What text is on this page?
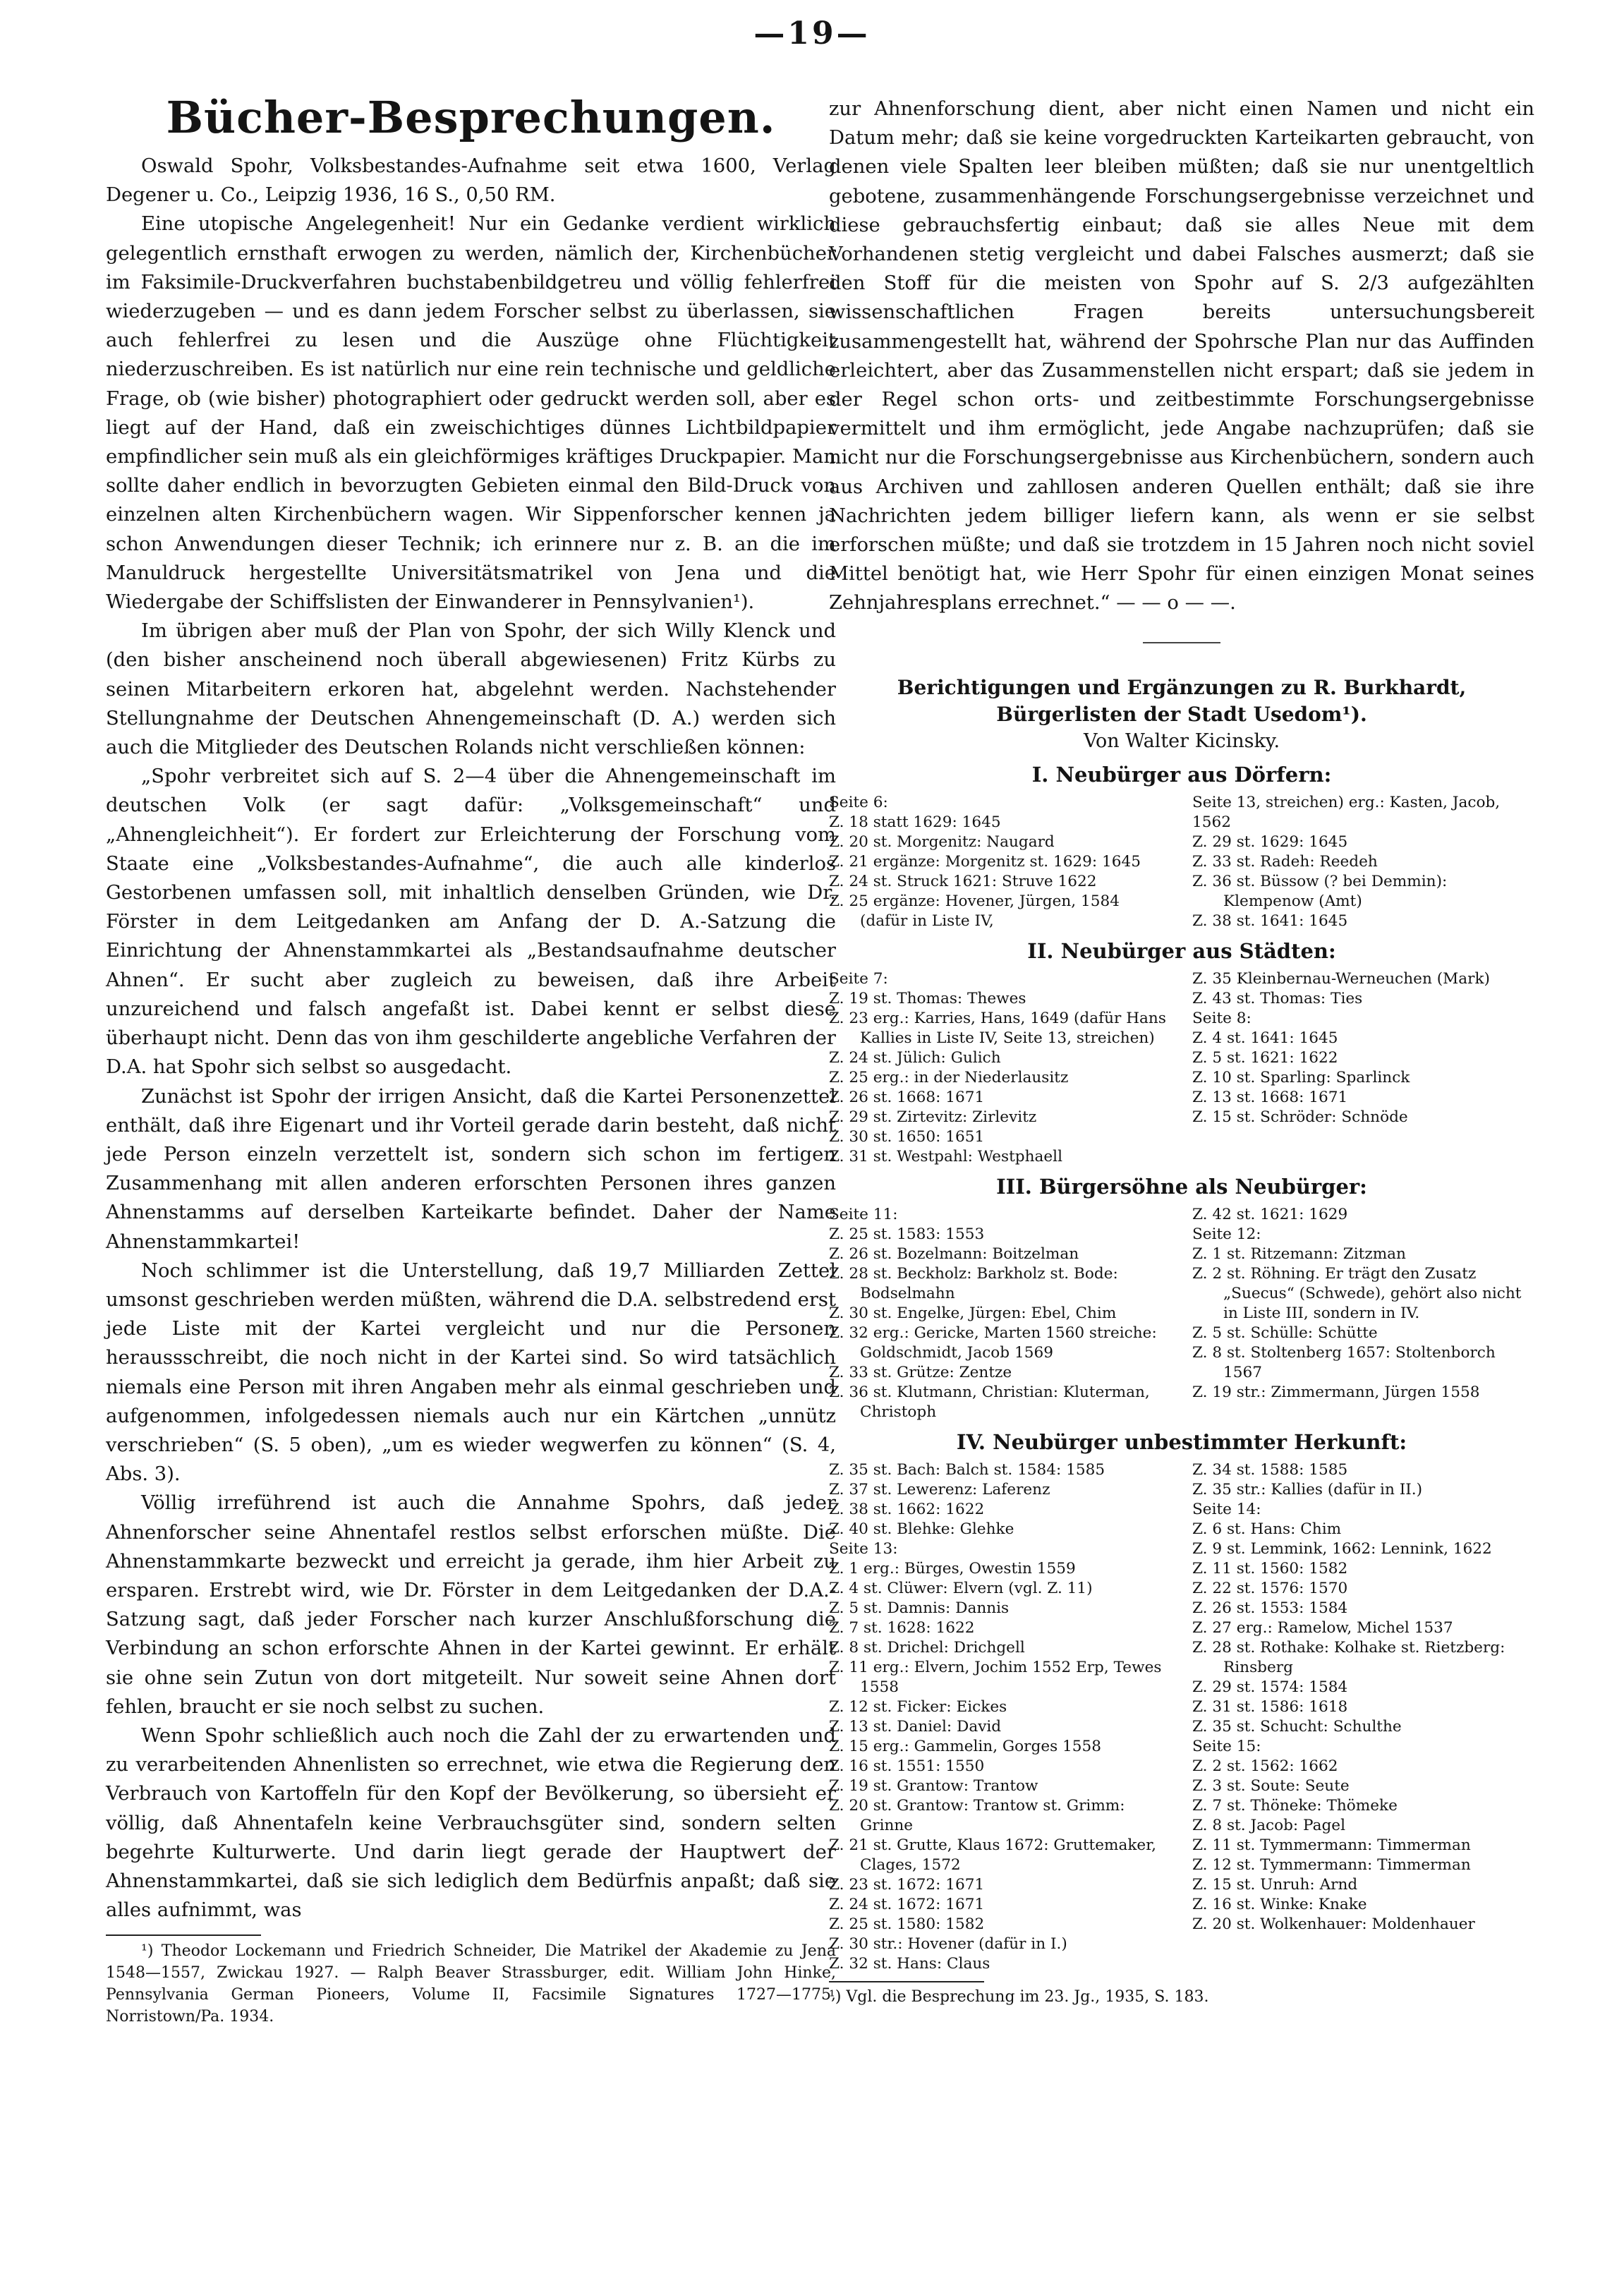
—19—
Bücher-Besprechungen.

Oswald Spohr, Volksbestandes-Aufnahme seit etwa 1600, Verlag Degener u. Co., Leipzig 1936, 16 S., 0,50 RM.

Eine utopische Angelegenheit! Nur ein Gedanke verdient wirklich gelegentlich ernsthaft erwogen zu werden, nämlich der, Kirchenbücher im Faksimile-Druckverfahren buchstabenbildgetreu und völlig fehlerfrei wiederzugeben — und es dann jedem Forscher selbst zu überlassen, sie auch fehlerfrei zu lesen und die Auszüge ohne Flüchtigkeit niederzuschreiben. Es ist natürlich nur eine rein technische und geldliche Frage, ob (wie bisher) photographiert oder gedruckt werden soll, aber es liegt auf der Hand, daß ein zweischichtiges dünnes Lichtbildpapier empfindlicher sein muß als ein gleichförmiges kräftiges Druckpapier. Man sollte daher endlich in bevorzugten Gebieten einmal den Bild-Druck von einzelnen alten Kirchenbüchern wagen. Wir Sippenforscher kennen ja schon Anwendungen dieser Technik; ich erinnere nur z. B. an die im Manuldruck hergestellte Universitätsmatrikel von Jena und die Wiedergabe der Schiffslisten der Einwanderer in Pennsylvanien¹).

Im übrigen aber muß der Plan von Spohr, der sich Willy Klenck und (den bisher anscheinend noch überall abgewiesenen) Fritz Kürbs zu seinen Mitarbeitern erkoren hat, abgelehnt werden. Nachstehender Stellungnahme der Deutschen Ahnengemeinschaft (D. A.) werden sich auch die Mitglieder des Deutschen Rolands nicht verschließen können:

„Spohr verbreitet sich auf S. 2—4 über die Ahnengemeinschaft im deutschen Volk (er sagt dafür: „Volksgemeinschaft“ und „Ahnengleichheit“). Er fordert zur Erleichterung der Forschung vom Staate eine „Volksbestandes-Aufnahme“, die auch alle kinderlos Gestorbenen umfassen soll, mit inhaltlich denselben Gründen, wie Dr. Förster in dem Leitgedanken am Anfang der D. A.-Satzung die Einrichtung der Ahnenstammkartei als „Bestandsaufnahme deutscher Ahnen“. Er sucht aber zugleich zu beweisen, daß ihre Arbeit unzureichend und falsch angefaßt ist. Dabei kennt er selbst diese überhaupt nicht. Denn das von ihm geschilderte angebliche Verfahren der D.A. hat Spohr sich selbst so ausgedacht.

Zunächst ist Spohr der irrigen Ansicht, daß die Kartei Personenzettel enthält, daß ihre Eigenart und ihr Vorteil gerade darin besteht, daß nicht jede Person einzeln verzettelt ist, sondern sich schon im fertigen Zusammenhang mit allen anderen erforschten Personen ihres ganzen Ahnenstamms auf derselben Karteikarte befindet. Daher der Name Ahnenstammkartei!

Noch schlimmer ist die Unterstellung, daß 19,7 Milliarden Zettel umsonst geschrieben werden müßten, während die D.A. selbstredend erst jede Liste mit der Kartei vergleicht und nur die Personen heraussschreibt, die noch nicht in der Kartei sind. So wird tatsächlich niemals eine Person mit ihren Angaben mehr als einmal geschrieben und aufgenommen, infolgedessen niemals auch nur ein Kärtchen „unnütz verschrieben“ (S. 5 oben), „um es wieder wegwerfen zu können“ (S. 4, Abs. 3).

Völlig irreführend ist auch die Annahme Spohrs, daß jeder Ahnenforscher seine Ahnentafel restlos selbst erforschen müßte. Die Ahnenstammkarte bezweckt und erreicht ja gerade, ihm hier Arbeit zu ersparen. Erstrebt wird, wie Dr. Förster in dem Leitgedanken der D.A.-Satzung sagt, daß jeder Forscher nach kurzer Anschlußforschung die Verbindung an schon erforschte Ahnen in der Kartei gewinnt. Er erhält sie ohne sein Zutun von dort mitgeteilt. Nur soweit seine Ahnen dort fehlen, braucht er sie noch selbst zu suchen.

Wenn Spohr schließlich auch noch die Zahl der zu erwartenden und zu verarbeitenden Ahnenlisten so errechnet, wie etwa die Regierung den Verbrauch von Kartoffeln für den Kopf der Bevölkerung, so übersieht er völlig, daß Ahnentafeln keine Verbrauchsgüter sind, sondern selten begehrte Kulturwerte. Und darin liegt gerade der Hauptwert der Ahnenstammkartei, daß sie sich lediglich dem Bedürfnis anpaßt; daß sie alles aufnimmt, was

¹) Theodor Lockemann und Friedrich Schneider, Die Matrikel der Akademie zu Jena 1548—1557, Zwickau 1927. — Ralph Beaver Strassburger, edit. William John Hinke, Pennsylvania German Pioneers, Volume II, Facsimile Signatures 1727—1775, Norristown/Pa. 1934.

zur Ahnenforschung dient, aber nicht einen Namen und nicht ein Datum mehr; daß sie keine vorgedruckten Karteikarten gebraucht, von denen viele Spalten leer bleiben müßten; daß sie nur unentgeltlich gebotene, zusammenhängende Forschungsergebnisse verzeichnet und diese gebrauchsfertig einbaut; daß sie alles Neue mit dem Vorhandenen stetig vergleicht und dabei Falsches ausmerzt; daß sie den Stoff für die meisten von Spohr auf S. 2/3 aufgezählten wissenschaftlichen Fragen bereits untersuchungsbereit zusammengestellt hat, während der Spohrsche Plan nur das Auffinden erleichtert, aber das Zusammenstellen nicht erspart; daß sie jedem in der Regel schon orts- und zeitbestimmte Forschungsergebnisse vermittelt und ihm ermöglicht, jede Angabe nachzuprüfen; daß sie nicht nur die Forschungsergebnisse aus Kirchenbüchern, sondern auch aus Archiven und zahllosen anderen Quellen enthält; daß sie ihre Nachrichten jedem billiger liefern kann, als wenn er sie selbst erforschen müßte; und daß sie trotzdem in 15 Jahren noch nicht soviel Mittel benötigt hat, wie Herr Spohr für einen einzigen Monat seines Zehnjahresplans errechnet.“ — — o — —.

Berichtigungen und Ergänzungen zu R. Burkhardt, Bürgerlisten der Stadt Usedom¹).
Von Walter Kicinsky.
I. Neubürger aus Dörfern:
Seite 6:
Z. 18 statt 1629: 1645
Z. 20 st. Morgenitz: Naugard
Z. 21 ergänze: Morgenitz st. 1629: 1645
Z. 24 st. Struck 1621: Struve 1622
Z. 25 ergänze: Hovener, Jürgen, 1584 (dafür in Liste IV,
Seite 13, streichen) erg.: Kasten, Jacob, 1562
Z. 29 st. 1629: 1645
Z. 33 st. Radeh: Reedeh
Z. 36 st. Büssow (? bei Demmin): Klempenow (Amt)
Z. 38 st. 1641: 1645
II. Neubürger aus Städten:
Seite 7:
Z. 19 st. Thomas: Thewes
Z. 23 erg.: Karries, Hans, 1649 (dafür Hans Kallies in Liste IV, Seite 13, streichen)
Z. 24 st. Jülich: Gulich
Z. 25 erg.: in der Niederlausitz
Z. 26 st. 1668: 1671
Z. 29 st. Zirtevitz: Zirlevitz
Z. 30 st. 1650: 1651
Z. 31 st. Westpahl: Westphaell
Z. 35 Kleinbernau-Werneuchen (Mark)
Z. 43 st. Thomas: Ties
Seite 8:
Z. 4 st. 1641: 1645
Z. 5 st. 1621: 1622
Z. 10 st. Sparling: Sparlinck
Z. 13 st. 1668: 1671
Z. 15 st. Schröder: Schnöde
III. Bürgersöhne als Neubürger:
Seite 11:
Z. 25 st. 1583: 1553
Z. 26 st. Bozelmann: Boitzelman
Z. 28 st. Beckholz: Barkholz st. Bode: Bodselmahn
Z. 30 st. Engelke, Jürgen: Ebel, Chim
Z. 32 erg.: Gericke, Marten 1560 streiche: Goldschmidt, Jacob 1569
Z. 33 st. Grütze: Zentze
Z. 36 st. Klutmann, Christian: Kluterman, Christoph
Z. 42 st. 1621: 1629
Seite 12:
Z. 1 st. Ritzemann: Zitzman
Z. 2 st. Röhning. Er trägt den Zusatz „Suecus“ (Schwede), gehört also nicht in Liste III, sondern in IV.
Z. 5 st. Schülle: Schütte
Z. 8 st. Stoltenberg 1657: Stoltenborch 1567
Z. 19 str.: Zimmermann, Jürgen 1558
IV. Neubürger unbestimmter Herkunft:
Z. 35 st. Bach: Balch st. 1584: 1585
Z. 37 st. Lewerenz: Laferenz
Z. 38 st. 1662: 1622
Z. 40 st. Blehke: Glehke
Seite 13:
Z. 1 erg.: Bürges, Owestin 1559
Z. 4 st. Clüwer: Elvern (vgl. Z. 11)
Z. 5 st. Damnis: Dannis
Z. 7 st. 1628: 1622
Z. 8 st. Drichel: Drichgell
Z. 11 erg.: Elvern, Jochim 1552 Erp, Tewes 1558
Z. 12 st. Ficker: Eickes
Z. 13 st. Daniel: David
Z. 15 erg.: Gammelin, Gorges 1558
Z. 16 st. 1551: 1550
Z. 19 st. Grantow: Trantow
Z. 20 st. Grantow: Trantow st. Grimm: Grinne
Z. 21 st. Grutte, Klaus 1672: Gruttemaker, Clages, 1572
Z. 23 st. 1672: 1671
Z. 24 st. 1672: 1671
Z. 25 st. 1580: 1582
Z. 30 str.: Hovener (dafür in I.)
Z. 32 st. Hans: Claus
Z. 34 st. 1588: 1585
Z. 35 str.: Kallies (dafür in II.)
Seite 14:
Z. 6 st. Hans: Chim
Z. 9 st. Lemmink, 1662: Lennink, 1622
Z. 11 st. 1560: 1582
Z. 22 st. 1576: 1570
Z. 26 st. 1553: 1584
Z. 27 erg.: Ramelow, Michel 1537
Z. 28 st. Rothake: Kolhake st. Rietzberg: Rinsberg
Z. 29 st. 1574: 1584
Z. 31 st. 1586: 1618
Z. 35 st. Schucht: Schulthe
Seite 15:
Z. 2 st. 1562: 1662
Z. 3 st. Soute: Seute
Z. 7 st. Thöneke: Thömeke
Z. 8 st. Jacob: Pagel
Z. 11 st. Tymmermann: Timmerman
Z. 12 st. Tymmermann: Timmerman
Z. 15 st. Unruh: Arnd
Z. 16 st. Winke: Knake
Z. 20 st. Wolkenhauer: Moldenhauer
¹) Vgl. die Besprechung im 23. Jg., 1935, S. 183.
